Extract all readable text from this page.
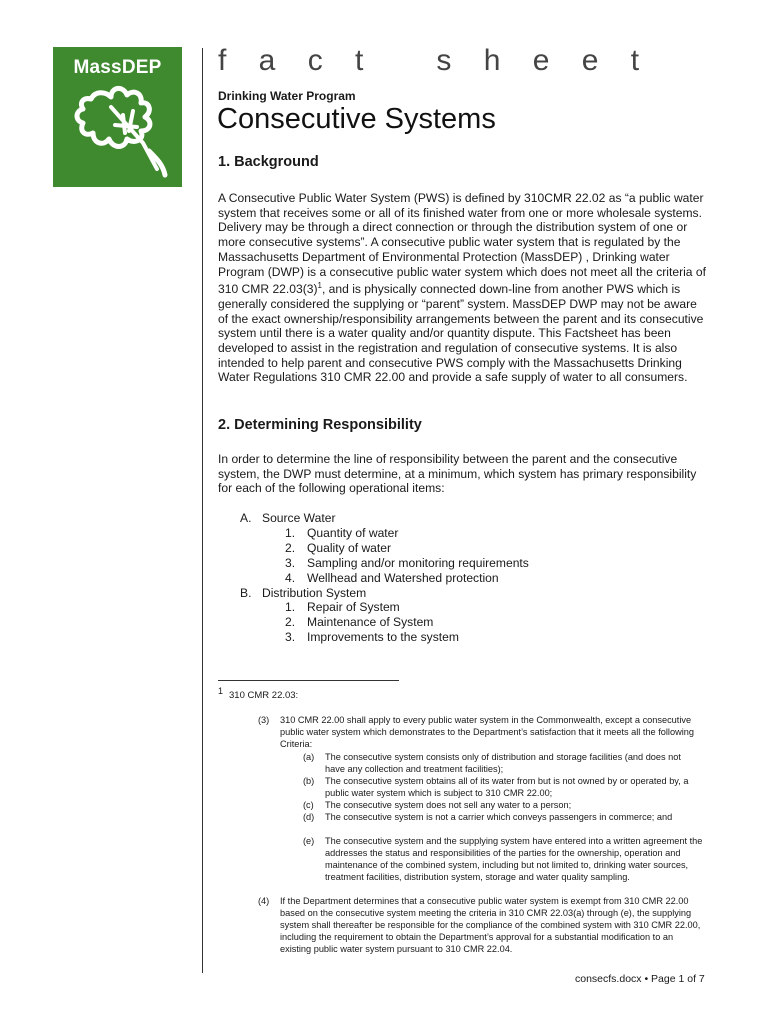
MassDEP	f a c t   s h e e t
Drinking Water Program
Consecutive Systems
1. Background
A Consecutive Public Water System (PWS) is defined by 310CMR 22.02 as “a public water system that receives some or all of its finished water from one or more wholesale systems. Delivery may be through a direct connection or through the distribution system of one or more consecutive systems”. A consecutive public water system that is regulated by the Massachusetts Department of Environmental Protection (MassDEP) , Drinking water Program (DWP) is a consecutive public water system which does not meet all the criteria of 310 CMR $22.03(3)^1$, and is physically connected down-line from another PWS which is generally considered the supplying or “parent” system. MassDEP DWP may not be aware of the exact ownership/responsibility arrangements between the parent and its consecutive system until there is a water quality and/or quantity dispute. This Factsheet has been developed to assist in the registration and regulation of consecutive systems. It is also intended to help parent and consecutive PWS comply with the Massachusetts Drinking Water Regulations 310 CMR 22.00 and provide a safe supply of water to all consumers.
2. Determining Responsibility
In order to determine the line of responsibility between the parent and the consecutive system, the DWP must determine, at a minimum, which system has primary responsibility for each of the following operational items:
A. Source Water
1. Quantity of water
2. Quality of water
3. Sampling and/or monitoring requirements
4. Wellhead and Watershed protection
B. Distribution System
1. Repair of System
2. Maintenance of System
3. Improvements to the system
$^1$ 310 CMR 22.03:
(3) 310 CMR 22.00 shall apply to every public water system in the Commonwealth, except a consecutive public water system which demonstrates to the Department’s satisfaction that it meets all the following Criteria:
(a) The consecutive system consists only of distribution and storage facilities (and does not have any collection and treatment facilities);
(b) The consecutive system obtains all of its water from but is not owned by or operated by, a public water system which is subject to 310 CMR 22.00;
(c) The consecutive system does not sell any water to a person;
(d) The consecutive system is not a carrier which conveys passengers in commerce; and
(e) The consecutive system and the supplying system have entered into a written agreement the addresses the status and responsibilities of the parties for the ownership, operation and maintenance of the combined system, including but not limited to, drinking water sources, treatment facilities, distribution system, storage and water quality sampling.
(4) If the Department determines that a consecutive public water system is exempt from 310 CMR 22.00 based on the consecutive system meeting the criteria in 310 CMR 22.03(a) through (e), the supplying system shall thereafter be responsible for the compliance of the combined system with 310 CMR 22.00, including the requirement to obtain the Department’s approval for a substantial modification to an existing public water system pursuant to 310 CMR 22.04.
consecfs.docx • Page 1 of 7
